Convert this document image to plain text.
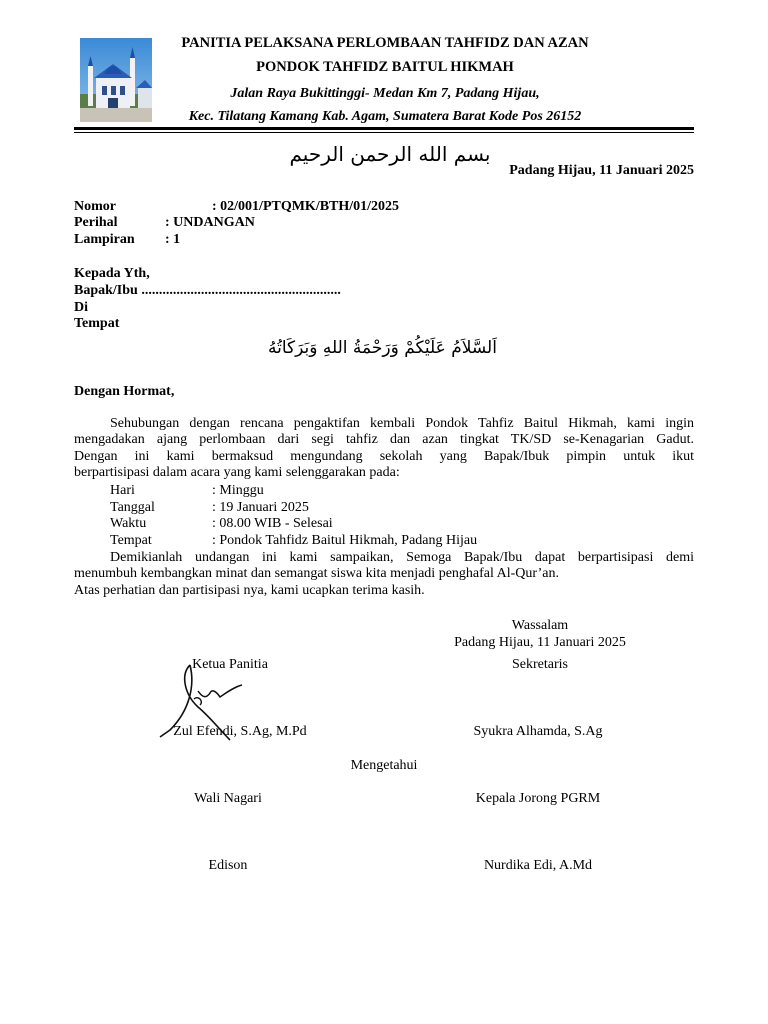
PANITIA PELAKSANA PERLOMBAAN TAHFIDZ DAN AZAN
PONDOK TAHFIDZ BAITUL HIKMAH
Jalan Raya Bukittinggi- Medan Km 7, Padang Hijau,
Kec. Tilatang Kamang Kab. Agam, Sumatera Barat Kode Pos 26152
بسم الله الرحمن الرحيم
Padang Hijau, 11 Januari 2025
Nomor	: 02/001/PTQMK/BTH/01/2025
Perihal	: UNDANGAN
Lampiran : 1
Kepada Yth,
Bapak/Ibu .........................................................
Di
Tempat
اَلسَّلاَمُ عَلَيْكُمْ وَرَحْمَةُ اللهِ وَبَرَكَاتُهُ
Dengan Hormat,
Sehubungan dengan rencana pengaktifan kembali Pondok Tahfiz Baitul Hikmah, kami ingin
mengadakan ajang perlombaan dari segi tahfiz dan azan tingkat TK/SD se-Kenagarian Gadut.
Dengan ini kami bermaksud mengundang sekolah yang Bapak/Ibuk pimpin untuk ikut
berpartisipasi dalam acara yang kami selenggarakan pada:
Hari	: Minggu
Tanggal	: 19 Januari 2025
Waktu	: 08.00 WIB - Selesai
Tempat	: Pondok Tahfidz Baitul Hikmah, Padang Hijau
Demikianlah undangan ini kami sampaikan, Semoga Bapak/Ibu dapat berpartisipasi demi
menumbuh kembangkan minat dan semangat siswa kita menjadi penghafal Al-Qur’an.
Atas perhatian dan partisipasi nya, kami ucapkan terima kasih.
Wassalam
Padang Hijau, 11 Januari 2025
Ketua Panitia	Sekretaris
Zul Efendi, S.Ag, M.Pd	Syukra Alhamda, S.Ag
Mengetahui
Wali Nagari	Kepala Jorong PGRM
Edison	Nurdika Edi, A.Md
